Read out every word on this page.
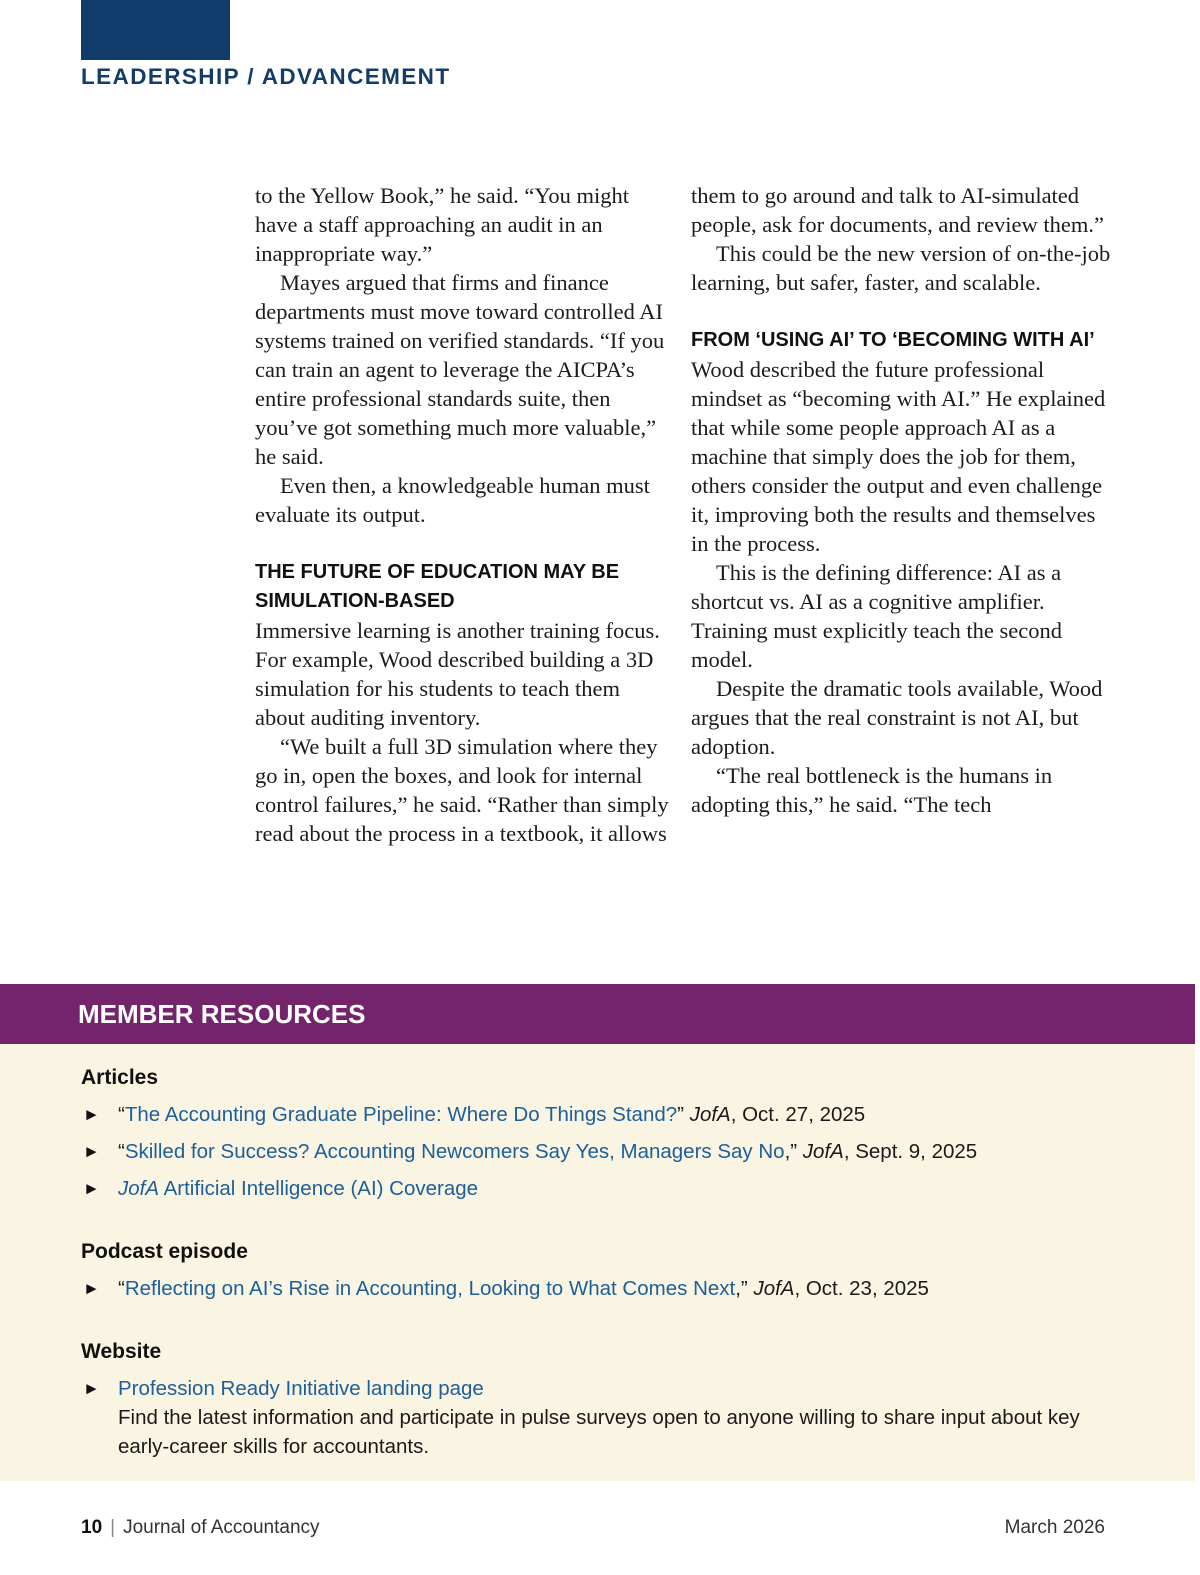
LEADERSHIP / ADVANCEMENT

to the Yellow Book,” he said. “You might have a staff approaching an audit in an inappropriate way.”

Mayes argued that firms and finance departments must move toward controlled AI systems trained on verified standards. “If you can train an agent to leverage the AICPA’s entire professional standards suite, then you’ve got something much more valuable,” he said.

Even then, a knowledgeable human must evaluate its output.

THE FUTURE OF EDUCATION MAY BE SIMULATION-BASED

Immersive learning is another training focus. For example, Wood described building a 3D simulation for his students to teach them about auditing inventory.

“We built a full 3D simulation where they go in, open the boxes, and look for internal control failures,” he said. “Rather than simply read about the process in a textbook, it allows

them to go around and talk to AI-simulated people, ask for documents, and review them.”

This could be the new version of on-the-job learning, but safer, faster, and scalable.

FROM ‘USING AI’ TO ‘BECOMING WITH AI’

Wood described the future professional mindset as “becoming with AI.” He explained that while some people approach AI as a machine that simply does the job for them, others consider the output and even challenge it, improving both the results and themselves in the process.

This is the defining difference: AI as a shortcut vs. AI as a cognitive amplifier. Training must explicitly teach the second model.

Despite the dramatic tools available, Wood argues that the real constraint is not AI, but adoption.

“The real bottleneck is the humans in adopting this,” he said. “The tech

MEMBER RESOURCES
Articles
► “The Accounting Graduate Pipeline: Where Do Things Stand?” JofA, Oct. 27, 2025
► “Skilled for Success? Accounting Newcomers Say Yes, Managers Say No,” JofA, Sept. 9, 2025
► JofA Artificial Intelligence (AI) Coverage
Podcast episode
► “Reflecting on AI’s Rise in Accounting, Looking to What Comes Next,” JofA, Oct. 23, 2025
Website
► Profession Ready Initiative landing page
Find the latest information and participate in pulse surveys open to anyone willing to share input about key early-career skills for accountants.
10 | Journal of Accountancy	March 2026
